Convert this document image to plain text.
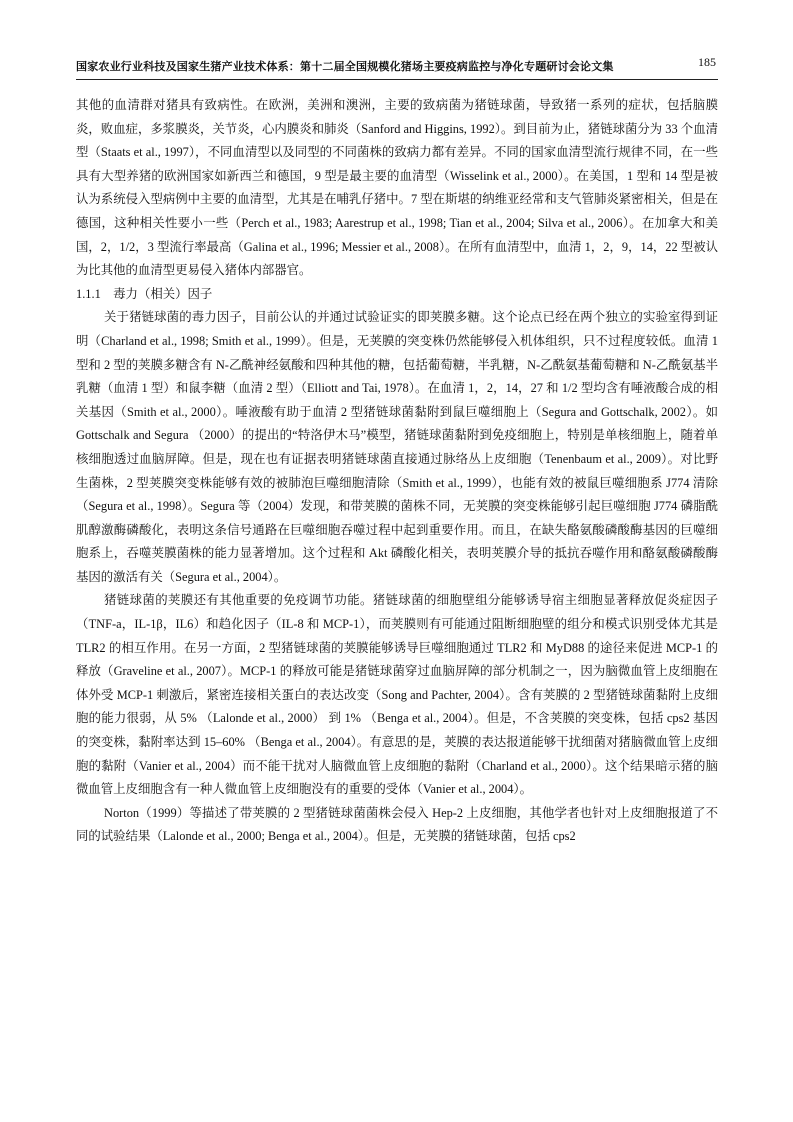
国家农业行业科技及国家生猪产业技术体系：第十二届全国规模化猪场主要疫病监控与净化专题研讨会论文集	185

其他的血清群对猪具有致病性。在欧洲，美洲和澳洲，主要的致病菌为猪链球菌，导致猪一系列的症状，包括脑膜炎，败血症，多浆膜炎，关节炎，心内膜炎和肺炎（Sanford and Higgins, 1992）。到目前为止，猪链球菌分为 33 个血清型（Staats et al., 1997），不同血清型以及同型的不同菌株的致病力都有差异。不同的国家血清型流行规律不同，在一些具有大型养猪的欧洲国家如新西兰和德国，9 型是最主要的血清型（Wisselink et al., 2000）。在美国，1 型和 14 型是被认为系统侵入型病例中主要的血清型，尤其是在哺乳仔猪中。7 型在斯堪的纳维亚经常和支气管肺炎紧密相关，但是在德国，这种相关性要小一些（Perch et al., 1983; Aarestrup et al., 1998; Tian et al., 2004; Silva et al., 2006）。在加拿大和美国，2，1/2，3 型流行率最高（Galina et al., 1996; Messier et al., 2008）。在所有血清型中，血清 1，2，9，14，22 型被认为比其他的血清型更易侵入猪体内部器官。

1.1.1　毒力（相关）因子

关于猪链球菌的毒力因子，目前公认的并通过试验证实的即荚膜多糖。这个论点已经在两个独立的实验室得到证明（Charland et al., 1998; Smith et al., 1999）。但是，无荚膜的突变株仍然能够侵入机体组织，只不过程度较低。血清 1 型和 2 型的荚膜多糖含有 N-乙酰神经氨酸和四种其他的糖，包括葡萄糖，半乳糖，N-乙酰氨基葡萄糖和 N-乙酰氨基半乳糖（血清 1 型）和鼠李糖（血清 2 型）（Elliott and Tai, 1978）。在血清 1，2，14，27 和 1/2 型均含有唾液酸合成的相关基因（Smith et al., 2000）。唾液酸有助于血清 2 型猪链球菌黏附到鼠巨噬细胞上（Segura and Gottschalk, 2002）。如 Gottschalk and Segura （2000）的提出的“特洛伊木马”模型，猪链球菌黏附到免疫细胞上，特别是单核细胞上，随着单核细胞透过血脑屏障。但是，现在也有证据表明猪链球菌直接通过脉络丛上皮细胞（Tenenbaum et al., 2009）。对比野生菌株，2 型荚膜突变株能够有效的被肺泡巨噬细胞清除（Smith et al., 1999），也能有效的被鼠巨噬细胞系 J774 清除（Segura et al., 1998）。Segura 等（2004）发现，和带荚膜的菌株不同，无荚膜的突变株能够引起巨噬细胞 J774 磷脂酰肌醇激酶磷酸化，表明这条信号通路在巨噬细胞吞噬过程中起到重要作用。而且，在缺失酪氨酸磷酸酶基因的巨噬细胞系上，吞噬荚膜菌株的能力显著增加。这个过程和 Akt 磷酸化相关，表明荚膜介导的抵抗吞噬作用和酪氨酸磷酸酶基因的激活有关（Segura et al., 2004）。

猪链球菌的荚膜还有其他重要的免疫调节功能。猪链球菌的细胞壁组分能够诱导宿主细胞显著释放促炎症因子（TNF-a，IL-1β，IL6）和趋化因子（IL-8 和 MCP-1），而荚膜则有可能通过阻断细胞壁的组分和模式识别受体尤其是 TLR2 的相互作用。在另一方面，2 型猪链球菌的荚膜能够诱导巨噬细胞通过 TLR2 和 MyD88 的途径来促进 MCP-1 的释放（Graveline et al., 2007）。MCP-1 的释放可能是猪链球菌穿过血脑屏障的部分机制之一，因为脑微血管上皮细胞在体外受 MCP-1 刺激后，紧密连接相关蛋白的表达改变（Song and Pachter, 2004）。含有荚膜的 2 型猪链球菌黏附上皮细胞的能力很弱，从 5% （Lalonde et al., 2000） 到 1% （Benga et al., 2004）。但是，不含荚膜的突变株，包括 cps2 基因的突变株，黏附率达到 15–60% （Benga et al., 2004）。有意思的是，荚膜的表达报道能够干扰细菌对猪脑微血管上皮细胞的黏附（Vanier et al., 2004）而不能干扰对人脑微血管上皮细胞的黏附（Charland et al., 2000）。这个结果暗示猪的脑微血管上皮细胞含有一种人微血管上皮细胞没有的重要的受体（Vanier et al., 2004）。

Norton（1999）等描述了带荚膜的 2 型猪链球菌菌株会侵入 Hep-2 上皮细胞，其他学者也针对上皮细胞报道了不同的试验结果（Lalonde et al., 2000; Benga et al., 2004）。但是，无荚膜的猪链球菌，包括 cps2
